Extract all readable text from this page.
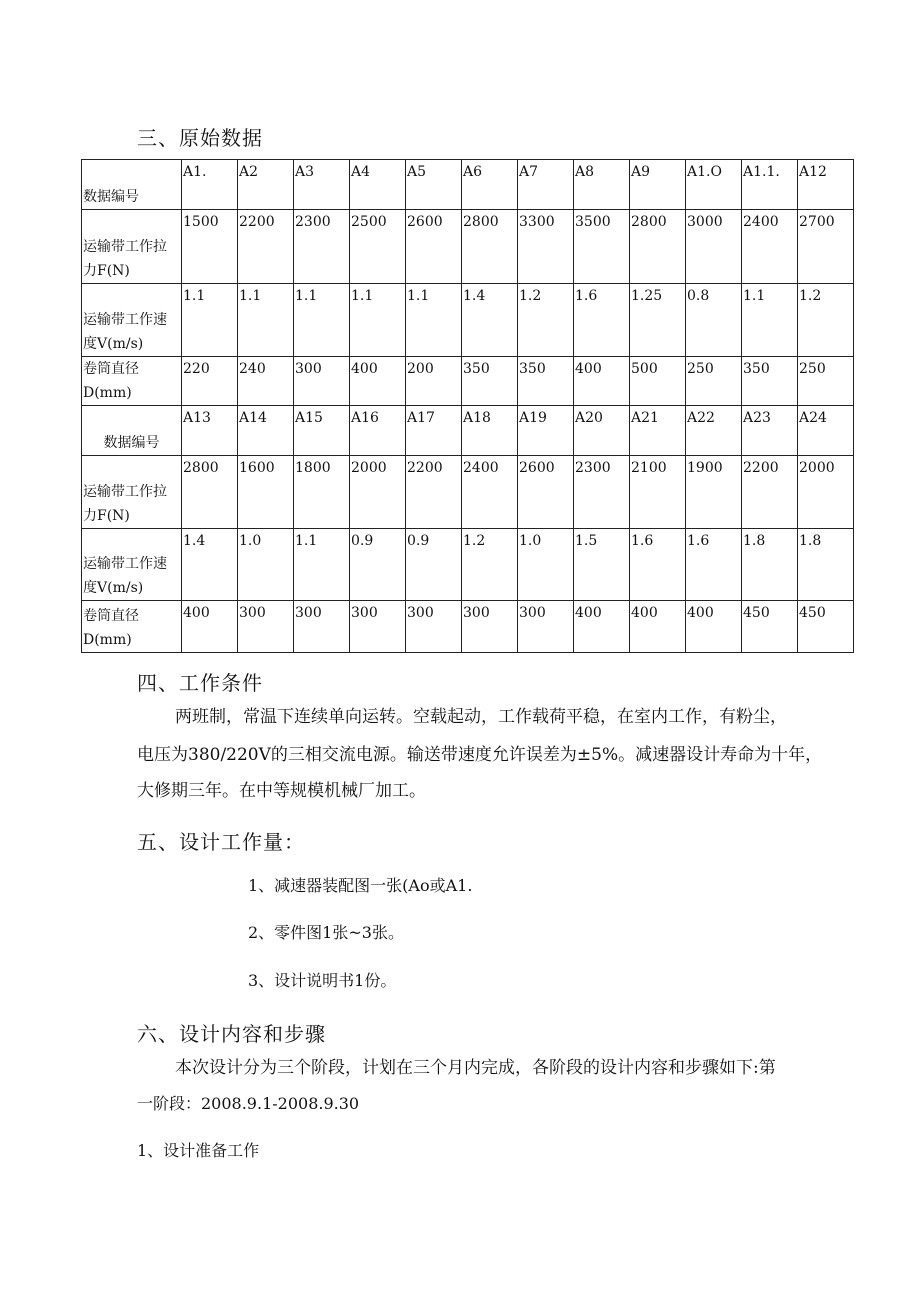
三、原始数据
数据编号	A1.	A2	A3	A4	A5	A6	A7	A8	A9	A1.O	A1.1.	A12
运输带工作拉力F(N)	1500	2200	2300	2500	2600	2800	3300	3500	2800	3000	2400	2700
运输带工作速度V(m/s)	1.1	1.1	1.1	1.1	1.1	1.4	1.2	1.6	1.25	0.8	1.1	1.2
卷筒直径D(mm)	220	240	300	400	200	350	350	400	500	250	350	250
数据编号	A13	A14	A15	A16	A17	A18	A19	A20	A21	A22	A23	A24
运输带工作拉力F(N)	2800	1600	1800	2000	2200	2400	2600	2300	2100	1900	2200	2000
运输带工作速度V(m/s)	1.4	1.0	1.1	0.9	0.9	1.2	1.0	1.5	1.6	1.6	1.8	1.8
卷筒直径D(mm)	400	300	300	300	300	300	300	400	400	400	450	450
四、工作条件
两班制，常温下连续单向运转。空载起动，工作载荷平稳，在室内工作，有粉尘，
电压为380/220V的三相交流电源。输送带速度允许误差为±5%。减速器设计寿命为十年，
大修期三年。在中等规模机械厂加工。
五、设计工作量：
1、减速器装配图一张(Ao或A1.
2、零件图1张~3张。
3、设计说明书1份。
六、设计内容和步骤
本次设计分为三个阶段，计划在三个月内完成，各阶段的设计内容和步骤如下:第
一阶段：2008.9.1-2008.9.30
1、设计准备工作
